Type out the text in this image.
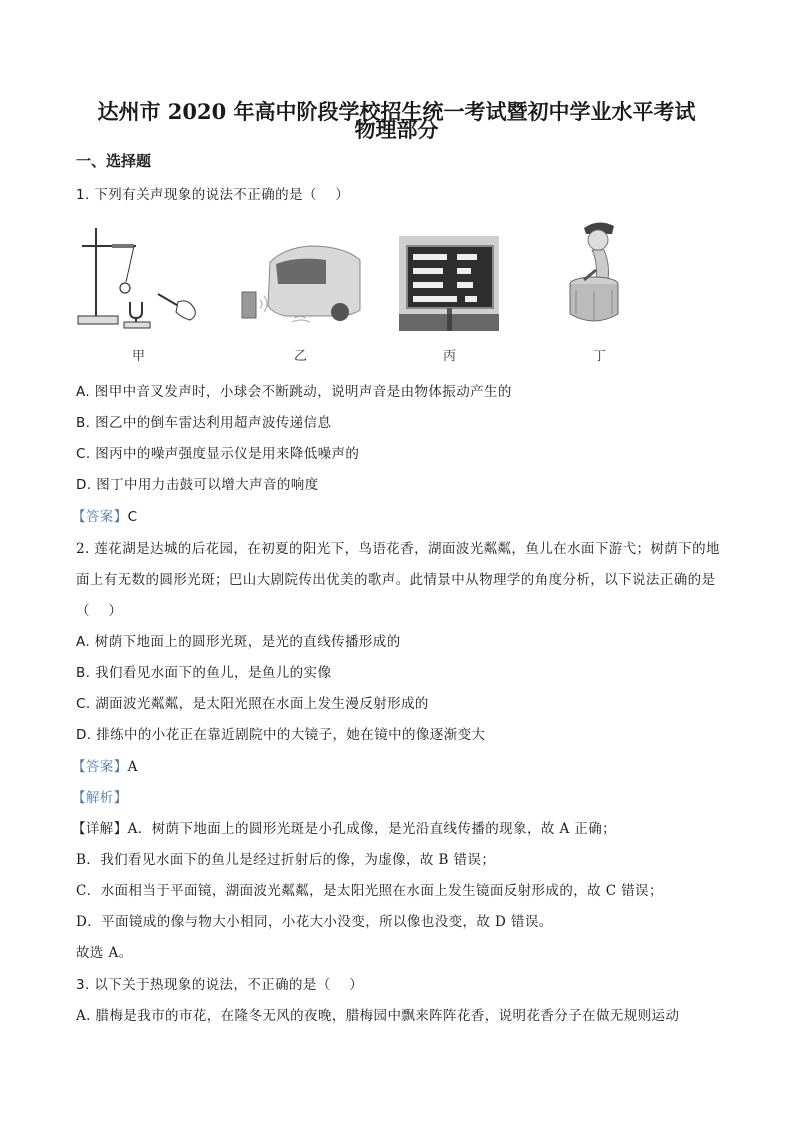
达州市 2020 年高中阶段学校招生统一考试暨初中学业水平考试
物理部分
一、选择题
1. 下列有关声现象的说法不正确的是（　 ）
甲	乙	丙	丁
A. 图甲中音叉发声时，小球会不断跳动，说明声音是由物体振动产生的
B. 图乙中的倒车雷达利用超声波传递信息
C. 图丙中的噪声强度显示仪是用来降低噪声的
D. 图丁中用力击鼓可以增大声音的响度
【答案】C
2. 莲花湖是达城的后花园，在初夏的阳光下，鸟语花香，湖面波光粼粼，鱼儿在水面下游弋；树荫下的地
面上有无数的圆形光斑；巴山大剧院传出优美的歌声。此情景中从物理学的角度分析，以下说法正确的是
（　 ）
A. 树荫下地面上的圆形光斑，是光的直线传播形成的
B. 我们看见水面下的鱼儿，是鱼儿的实像
C. 湖面波光粼粼，是太阳光照在水面上发生漫反射形成的
D. 排练中的小花正在靠近剧院中的大镜子，她在镜中的像逐渐变大
【答案】A
【解析】
【详解】A．树荫下地面上的圆形光斑是小孔成像，是光沿直线传播的现象，故 A 正确；
B．我们看见水面下的鱼儿是经过折射后的像，为虚像，故 B 错误；
C．水面相当于平面镜，湖面波光粼粼，是太阳光照在水面上发生镜面反射形成的，故 C 错误；
D．平面镜成的像与物大小相同，小花大小没变，所以像也没变，故 D 错误。
故选 A。
3. 以下关于热现象的说法，不正确的是（　 ）
A. 腊梅是我市的市花，在隆冬无风的夜晚，腊梅园中飘来阵阵花香，说明花香分子在做无规则运动
